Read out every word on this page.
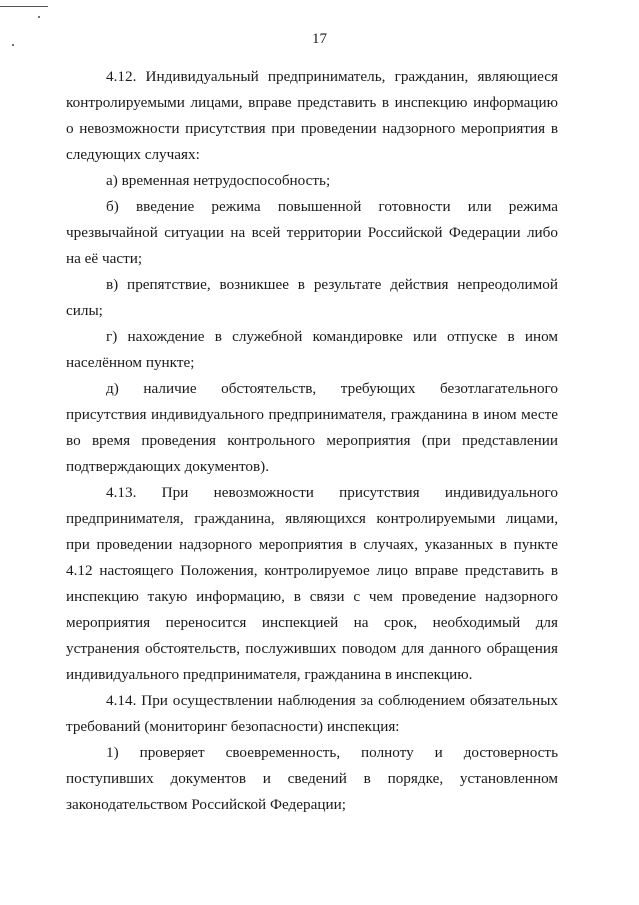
17

4.12. Индивидуальный предприниматель, гражданин, являющиеся контролируемыми лицами, вправе представить в инспекцию информацию о невозможности присутствия при проведении надзорного мероприятия в следующих случаях:

а) временная нетрудоспособность;

б) введение режима повышенной готовности или режима чрезвычайной ситуации на всей территории Российской Федерации либо на её части;

в) препятствие, возникшее в результате действия непреодолимой силы;

г) нахождение в служебной командировке или отпуске в ином населённом пункте;

д) наличие обстоятельств, требующих безотлагательного присутствия индивидуального предпринимателя, гражданина в ином месте во время проведения контрольного мероприятия (при представлении подтверждающих документов).

4.13. При невозможности присутствия индивидуального предпринимателя, гражданина, являющихся контролируемыми лицами, при проведении надзорного мероприятия в случаях, указанных в пункте 4.12 настоящего Положения, контролируемое лицо вправе представить в инспекцию такую информацию, в связи с чем проведение надзорного мероприятия переносится инспекцией на срок, необходимый для устранения обстоятельств, послуживших поводом для данного обращения индивидуального предпринимателя, гражданина в инспекцию.

4.14. При осуществлении наблюдения за соблюдением обязательных требований (мониторинг безопасности) инспекция:

1) проверяет своевременность, полноту и достоверность поступивших документов и сведений в порядке, установленном законодательством Российской Федерации;
